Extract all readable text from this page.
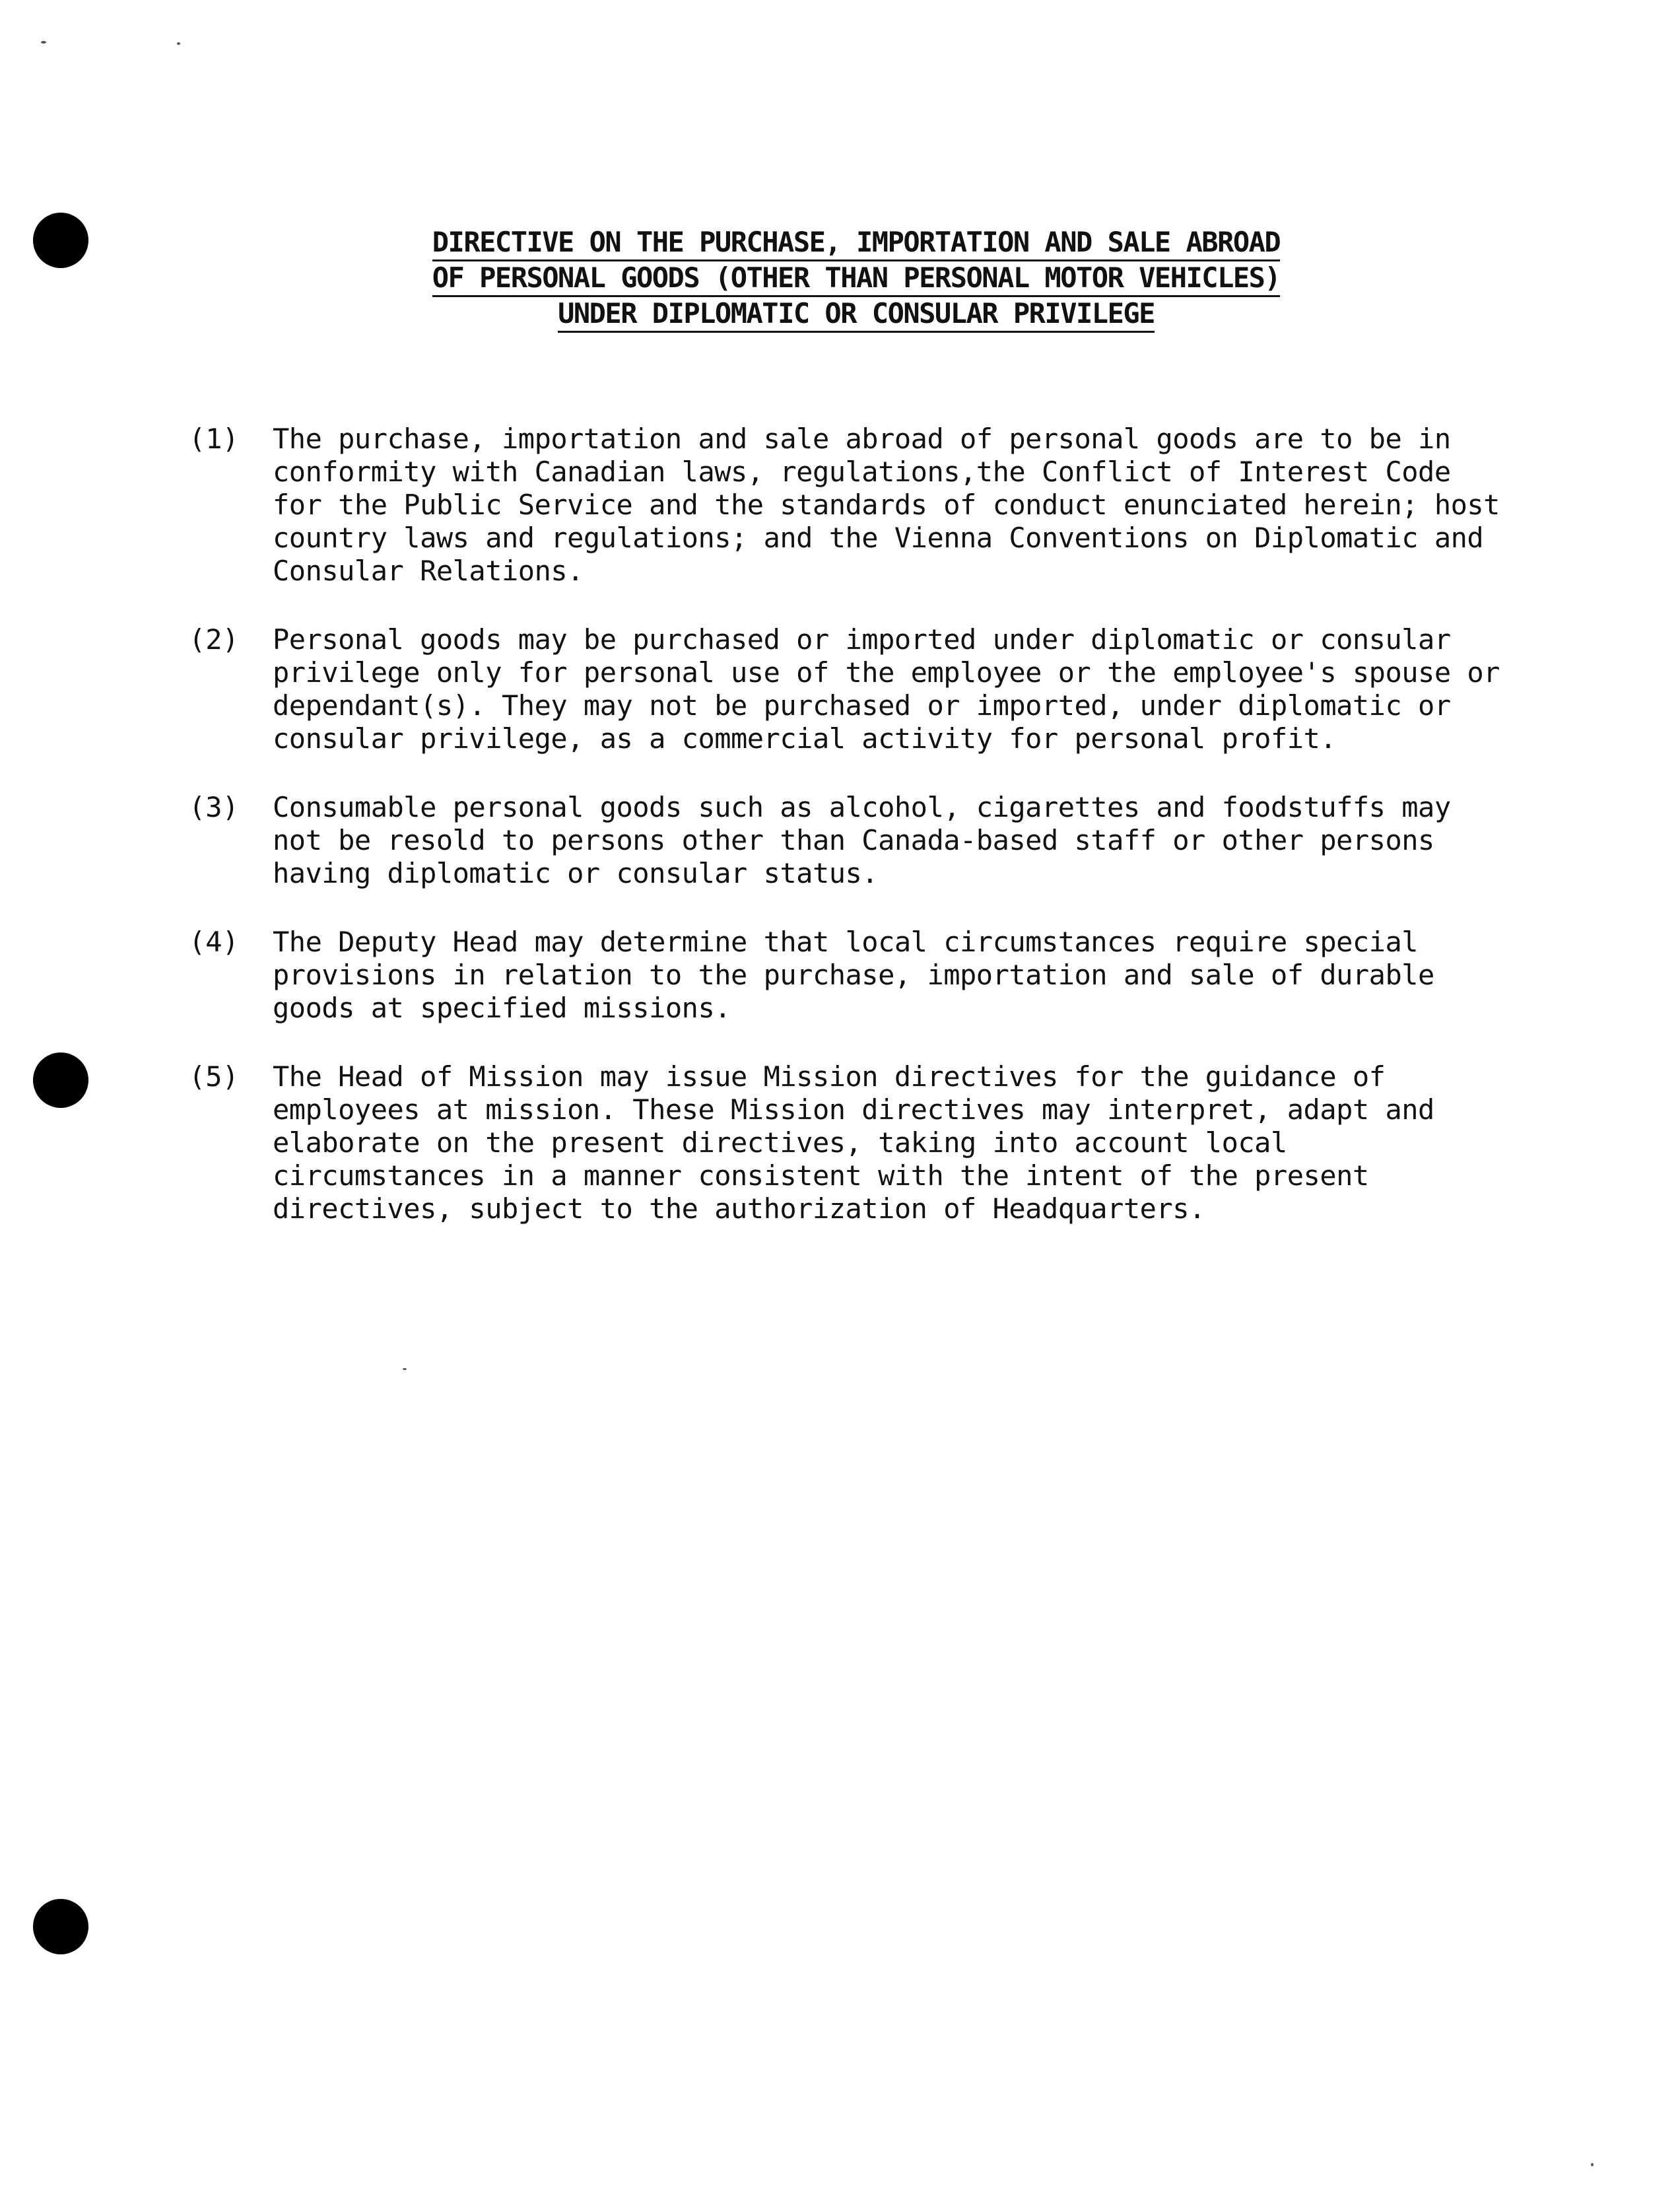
DIRECTIVE ON THE PURCHASE, IMPORTATION AND SALE ABROAD
OF PERSONAL GOODS (OTHER THAN PERSONAL MOTOR VEHICLES)
UNDER DIPLOMATIC OR CONSULAR PRIVILEGE
(1) The purchase, importation and sale abroad of personal goods are to be in
conformity with Canadian laws, regulations,the Conflict of Interest Code
for the Public Service and the standards of conduct enunciated herein; host
country laws and regulations; and the Vienna Conventions on Diplomatic and
Consular Relations.
(2) Personal goods may be purchased or imported under diplomatic or consular
privilege only for personal use of the employee or the employee's spouse or
dependant(s). They may not be purchased or imported, under diplomatic or
consular privilege, as a commercial activity for personal profit.
(3) Consumable personal goods such as alcohol, cigarettes and foodstuffs may
not be resold to persons other than Canada-based staff or other persons
having diplomatic or consular status.
(4) The Deputy Head may determine that local circumstances require special
provisions in relation to the purchase, importation and sale of durable
goods at specified missions.
(5) The Head of Mission may issue Mission directives for the guidance of
employees at mission. These Mission directives may interpret, adapt and
elaborate on the present directives, taking into account local
circumstances in a manner consistent with the intent of the present
directives, subject to the authorization of Headquarters.
